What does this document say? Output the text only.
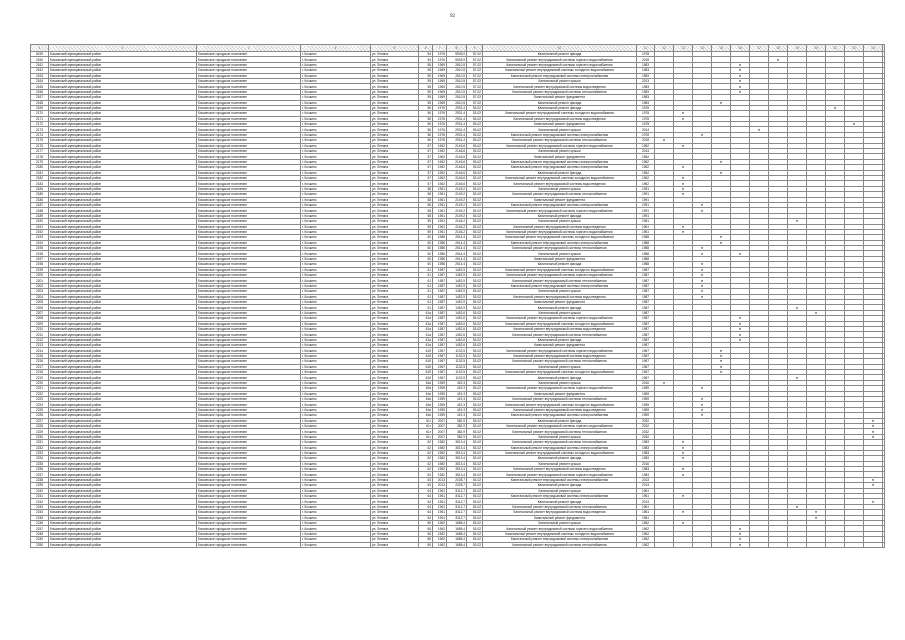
92
1	2	3	4	5	6	7	8	9	10	11	12	13	14	15	16	17	18	19	20	21	22	23	
5159	Кочкинский муниципальный район	Кочкинское городское поселение	г. Кочкино	ул. Ленина	54	1976	5905,9	57-02	Капитальный ремонт фасада	1978													
2160	Кочкинский муниципальный район	Кочкинское городское поселение	г. Кочкино	ул. Ленина	54	1976	5905,9	57-02	Капитальный ремонт внутридомовой системы горячего водоснабжения	2018							×						
2161	Кочкинский муниципальный район	Кочкинское городское поселение	г. Кочкино	ул. Ленина	55	1969	2610,5	57-02	Капитальный ремонт внутридомовой системы горячего водоснабжения	1983					×								
2162	Кочкинский муниципальный район	Кочкинское городское поселение	г. Кочкино	ул. Ленина	55	1969	2610,5	57-02	Капитальный ремонт внутридомовой системы холодного водоснабжения	1983					×								
2163	Кочкинский муниципальный район	Кочкинское городское поселение	г. Кочкино	ул. Ленина	55	1969	2610,5	57-02	Капитальный ремонт внутридомовой системы электроснабжения	1983					×								
2164	Кочкинский муниципальный район	Кочкинское городское поселение	г. Кочкино	ул. Ленина	55	1969	2610,5	57-02	Капитальный ремонт крыши	2013					×								
2165	Кочкинский муниципальный район	Кочкинское городское поселение	г. Кочкино	ул. Ленина	55	1969	2610,5	57-02	Капитальный ремонт внутридомовой системы водоотведения	1983					×								
2166	Кочкинский муниципальный район	Кочкинское городское поселение	г. Кочкино	ул. Ленина	55	1969	2610,5	57-02	Капитальный ремонт внутридомовой системы теплоснабжения	1983					×								
2167	Кочкинский муниципальный район	Кочкинское городское поселение	г. Кочкино	ул. Ленина	55	1969	2610,5	57-02	Капитальный ремонт фундамента	1983													
2168	Кочкинский муниципальный район	Кочкинское городское поселение	г. Кочкино	ул. Ленина	55	1969	2610,5	57-02	Капитальный ремонт фасада	1983				×									
2169	Кочкинский муниципальный район	Кочкинское городское поселение	г. Кочкино	ул. Ленина	56	1976	2931,4	53-02	Капитальный ремонт фасада	1978										×			
2170	Кочкинский муниципальный район	Кочкинское городское поселение	г. Кочкино	ул. Ленина	56	1976	2931,4	53-02	Капитальный ремонт внутридомовой системы холодного водоснабжения	1978		×											
2171	Кочкинский муниципальный район	Кочкинское городское поселение	г. Кочкино	ул. Ленина	56	1976	2931,4	53-02	Капитальный ремонт внутридомовой системы водоотведения	1978		×											
2172	Кочкинский муниципальный район	Кочкинское городское поселение	г. Кочкино	ул. Ленина	56	1976	2931,4	53-02	Капитальный ремонт фундамента	1978											×		
2173	Кочкинский муниципальный район	Кочкинское городское поселение	г. Кочкино	ул. Ленина	56	1976	2931,4	53-02	Капитальный ремонт крыши	2014						×							
2174	Кочкинский муниципальный район	Кочкинское городское поселение	г. Кочкино	ул. Ленина	56	1976	2931,4	53-02	Капитальный ремонт внутридомовой системы электроснабжения	1978			×										
2175	Кочкинский муниципальный район	Кочкинское городское поселение	г. Кочкино	ул. Ленина	56	1976	2931,4	53-02	Капитальный ремонт внутридомовой системы теплоснабжения	2018	×												
2176	Кочкинский муниципальный район	Кочкинское городское поселение	г. Кочкино	ул. Ленина	57	1962	2146,6	53-02	Капитальный ремонт внутридомовой системы горячего водоснабжения	1962		×											
2177	Кочкинский муниципальный район	Кочкинское городское поселение	г. Кочкино	ул. Ленина	57	1962	2146,6	53-02	Капитальный ремонт крыши	2014													
2178	Кочкинский муниципальный район	Кочкинское городское поселение	г. Кочкино	ул. Ленина	57	1962	2146,6	53-02	Капитальный ремонт фундамента	1962													
2179	Кочкинский муниципальный район	Кочкинское городское поселение	г. Кочкино	ул. Ленина	57	1962	2146,6	53-02	Капитальный ремонт внутридомовой системы электроснабжения	1962				×									
2180	Кочкинский муниципальный район	Кочкинское городское поселение	г. Кочкино	ул. Ленина	57	1962	2146,6	53-02	Капитальный ремонт внутридомовой системы электроснабжения	1962		×											
2181	Кочкинский муниципальный район	Кочкинское городское поселение	г. Кочкино	ул. Ленина	57	1962	2146,6	53-02	Капитальный ремонт фасада	1962				×									
2182	Кочкинский муниципальный район	Кочкинское городское поселение	г. Кочкино	ул. Ленина	57	1962	2146,6	53-02	Капитальный ремонт внутридомовой системы холодного водоснабжения	1962		×											
2183	Кочкинский муниципальный район	Кочкинское городское поселение	г. Кочкино	ул. Ленина	57	1962	2146,6	53-02	Капитальный ремонт внутридомовой системы водоотведения	1962		×											
2184	Кочкинский муниципальный район	Кочкинское городское поселение	г. Кочкино	ул. Ленина	58	1961	2149,2	53-02	Капитальный ремонт крыши	1991		×											
2185	Кочкинский муниципальный район	Кочкинское городское поселение	г. Кочкино	ул. Ленина	58	1961	2149,2	53-02	Капитальный ремонт внутридомовой системы теплоснабжения	1991		×											
2186	Кочкинский муниципальный район	Кочкинское городское поселение	г. Кочкино	ул. Ленина	58	1961	2149,2	53-02	Капитальный ремонт фундамента	1991													
2187	Кочкинский муниципальный район	Кочкинское городское поселение	г. Кочкино	ул. Ленина	58	1961	2149,2	53-02	Капитальный ремонт внутридомовой системы электроснабжения	1991			×										
2188	Кочкинский муниципальный район	Кочкинское городское поселение	г. Кочкино	ул. Ленина	58	1961	2149,2	53-02	Капитальный ремонт внутридомовой системы горячего водоснабжения	1991			×										
2189	Кочкинский муниципальный район	Кочкинское городское поселение	г. Кочкино	ул. Ленина	58	1961	2149,2	53-02	Капитальный ремонт фасада	1991													
2190	Кочкинский муниципальный район	Кочкинское городское поселение	г. Кочкино	ул. Ленина	59	1961	2146,2	53-02	Капитальный ремонт крыши	1961								×					
2191	Кочкинский муниципальный район	Кочкинское городское поселение	г. Кочкино	ул. Ленина	59	1961	2146,2	53-02	Капитальный ремонт внутридомовой системы водоотведения	1961		×											
2192	Кочкинский муниципальный район	Кочкинское городское поселение	г. Кочкино	ул. Ленина	59	1961	2146,2	53-02	Капитальный ремонт внутридомовой системы горячего водоснабжения	1961		×											
2193	Кочкинский муниципальный район	Кочкинское городское поселение	г. Кочкино	ул. Ленина	60	1986	2614,4	53-02	Капитальный ремонт внутридомовой системы холодного водоснабжения	1988				×									
2194	Кочкинский муниципальный район	Кочкинское городское поселение	г. Кочкино	ул. Ленина	60	1986	2614,4	53-02	Капитальный ремонт внутридомовой системы электроснабжения	1988				×									
2195	Кочкинский муниципальный район	Кочкинское городское поселение	г. Кочкино	ул. Ленина	60	1986	2614,4	53-02	Капитальный ремонт внутридомовой системы теплоснабжения	1988			×										
2196	Кочкинский муниципальный район	Кочкинское городское поселение	г. Кочкино	ул. Ленина	60	1986	2614,4	53-02	Капитальный ремонт крыши	1988			×		×								
2197	Кочкинский муниципальный район	Кочкинское городское поселение	г. Кочкино	ул. Ленина	60	1986	2614,4	53-02	Капитальный ремонт фундамента	1988													
2198	Кочкинский муниципальный район	Кочкинское городское поселение	г. Кочкино	ул. Ленина	60	1986	2614,4	53-02	Капитальный ремонт фасада	1988			×										
2199	Кочкинский муниципальный район	Кочкинское городское поселение	г. Кочкино	ул. Ленина	61	1987	1452,9	53-02	Капитальный ремонт внутридомовой системы холодного водоснабжения	1987			×										
2200	Кочкинский муниципальный район	Кочкинское городское поселение	г. Кочкино	ул. Ленина	61	1987	1452,9	53-02	Капитальный ремонт внутридомовой системы горячего водоснабжения	1987			×										
2201	Кочкинский муниципальный район	Кочкинское городское поселение	г. Кочкино	ул. Ленина	61	1987	1452,9	53-02	Капитальный ремонт внутридомовой системы теплоснабжения	1987			×										
2202	Кочкинский муниципальный район	Кочкинское городское поселение	г. Кочкино	ул. Ленина	61	1987	1452,9	53-02	Капитальный ремонт внутридомовой системы электроснабжения	1987			×										
2203	Кочкинский муниципальный район	Кочкинское городское поселение	г. Кочкино	ул. Ленина	61	1987	1452,9	53-02	Капитальный ремонт крыши	1987			×										
2204	Кочкинский муниципальный район	Кочкинское городское поселение	г. Кочкино	ул. Ленина	61	1987	1452,9	53-02	Капитальный ремонт внутридомовой системы водоотведения	1987			×										
2205	Кочкинский муниципальный район	Кочкинское городское поселение	г. Кочкино	ул. Ленина	61	1987	1452,9	53-02	Капитальный ремонт фундамента	1987													
2206	Кочкинский муниципальный район	Кочкинское городское поселение	г. Кочкино	ул. Ленина	61	1987	1452,9	53-02	Капитальный ремонт фасада	1987								×					
2207	Кочкинский муниципальный район	Кочкинское городское поселение	г. Кочкино	ул. Ленина	61а	1987	1452,6	53-02	Капитальный ремонт крыши	1987									×				
2208	Кочкинский муниципальный район	Кочкинское городское поселение	г. Кочкино	ул. Ленина	61а	1987	1452,6	53-02	Капитальный ремонт внутридомовой системы горячего водоснабжения	1987					×								
2209	Кочкинский муниципальный район	Кочкинское городское поселение	г. Кочкино	ул. Ленина	61а	1987	1452,6	53-02	Капитальный ремонт внутридомовой системы холодного водоснабжения	1987					×								
2210	Кочкинский муниципальный район	Кочкинское городское поселение	г. Кочкино	ул. Ленина	61а	1987	1452,6	53-02	Капитальный ремонт внутридомовой системы водоотведения	1987					×								
2211	Кочкинский муниципальный район	Кочкинское городское поселение	г. Кочкино	ул. Ленина	61а	1987	1452,6	53-02	Капитальный ремонт внутридомовой системы теплоснабжения	1987					×								
2212	Кочкинский муниципальный район	Кочкинское городское поселение	г. Кочкино	ул. Ленина	61а	1987	1452,6	53-02	Капитальный ремонт фасада	1987					×								
2213	Кочкинский муниципальный район	Кочкинское городское поселение	г. Кочкино	ул. Ленина	61а	1987	1452,6	53-02	Капитальный ремонт фундамента	1987													
2214	Кочкинский муниципальный район	Кочкинское городское поселение	г. Кочкино	ул. Ленина	61б	1967	1132,5	53-02	Капитальный ремонт внутридомовой системы горячего водоснабжения	1967				×									
2215	Кочкинский муниципальный район	Кочкинское городское поселение	г. Кочкино	ул. Ленина	61б	1967	1132,5	53-02	Капитальный ремонт внутридомовой системы водоотведения	1967				×									
2216	Кочкинский муниципальный район	Кочкинское городское поселение	г. Кочкино	ул. Ленина	61б	1967	1132,5	53-02	Капитальный ремонт внутридомовой системы теплоснабжения	1967				×									
2217	Кочкинский муниципальный район	Кочкинское городское поселение	г. Кочкино	ул. Ленина	61б	1967	1132,5	53-02	Капитальный ремонт крыши	1967				×									
2218	Кочкинский муниципальный район	Кочкинское городское поселение	г. Кочкино	ул. Ленина	61б	1967	1132,5	53-02	Капитальный ремонт внутридомовой системы холодного водоснабжения	1967				×									
2219	Кочкинский муниципальный район	Кочкинское городское поселение	г. Кочкино	ул. Ленина	61б	1967	1132,5	53-02	Капитальный ремонт фасада	1967								×					
2220	Кочкинский муниципальный район	Кочкинское городское поселение	г. Кочкино	ул. Ленина	61в	1959	419,3	53-02	Капитальный ремонт крыши	2016	×												
2221	Кочкинский муниципальный район	Кочкинское городское поселение	г. Кочкино	ул. Ленина	61в	1959	419,3	53-02	Капитальный ремонт внутридомовой системы горячего водоснабжения	1959			×										
2222	Кочкинский муниципальный район	Кочкинское городское поселение	г. Кочкино	ул. Ленина	61в	1959	419,3	53-02	Капитальный ремонт фундамента	1959													
2223	Кочкинский муниципальный район	Кочкинское городское поселение	г. Кочкино	ул. Ленина	61в	1959	419,3	53-02	Капитальный ремонт внутридомовой системы теплоснабжения	1959			×										
2224	Кочкинский муниципальный район	Кочкинское городское поселение	г. Кочкино	ул. Ленина	61в	1959	419,3	53-02	Капитальный ремонт внутридомовой системы холодного водоснабжения	1959			×										
2225	Кочкинский муниципальный район	Кочкинское городское поселение	г. Кочкино	ул. Ленина	61в	1959	419,3	53-02	Капитальный ремонт внутридомовой системы водоотведения	1959			×										
2226	Кочкинский муниципальный район	Кочкинское городское поселение	г. Кочкино	ул. Ленина	61в	1959	419,3	53-02	Капитальный ремонт внутридомовой системы электроснабжения	1959			×										
2227	Кочкинский муниципальный район	Кочкинское городское поселение	г. Кочкино	ул. Ленина	61г	2007	382,9	53-02	Капитальный ремонт фасада	2032												×	
2228	Кочкинский муниципальный район	Кочкинское городское поселение	г. Кочкино	ул. Ленина	61г	2007	382,9	53-02	Капитальный ремонт внутридомовой системы горячего водоснабжения	2032												×	
2229	Кочкинский муниципальный район	Кочкинское городское поселение	г. Кочкино	ул. Ленина	61г	2007	382,9	53-02	Капитальный ремонт внутридомовой системы теплоснабжения	2032												×	
2230	Кочкинский муниципальный район	Кочкинское городское поселение	г. Кочкино	ул. Ленина	61г	2007	382,9	53-02	Капитальный ремонт крыши	2032												×	
2231	Кочкинский муниципальный район	Кочкинское городское поселение	г. Кочкино	ул. Ленина	62	1982	3513,4	53-02	Капитальный ремонт внутридомовой системы теплоснабжения	1983		×											
2232	Кочкинский муниципальный район	Кочкинское городское поселение	г. Кочкино	ул. Ленина	62	1982	3513,4	53-02	Капитальный ремонт внутридомовой системы электроснабжения	1983		×											
2233	Кочкинский муниципальный район	Кочкинское городское поселение	г. Кочкино	ул. Ленина	62	1982	3513,4	53-02	Капитальный ремонт внутридомовой системы холодного водоснабжения	1983		×											
2234	Кочкинский муниципальный район	Кочкинское городское поселение	г. Кочкино	ул. Ленина	62	1982	3513,4	53-02	Капитальный ремонт фасада	1983		×											
2235	Кочкинский муниципальный район	Кочкинское городское поселение	г. Кочкино	ул. Ленина	62	1982	3513,4	53-02	Капитальный ремонт крыши	2016													
2236	Кочкинский муниципальный район	Кочкинское городское поселение	г. Кочкино	ул. Ленина	62	1982	3513,4	53-02	Капитальный ремонт внутридомовой системы водоотведения	1983		×											
2237	Кочкинский муниципальный район	Кочкинское городское поселение	г. Кочкино	ул. Ленина	62	1982	3513,4	53-02	Капитальный ремонт внутридомовой системы горячего водоснабжения	1983		×											
2238	Кочкинский муниципальный район	Кочкинское городское поселение	г. Кочкино	ул. Ленина	63	2013	2028,7	53-02	Капитальный ремонт внутридомовой системы электроснабжения	2013												×	
2239	Кочкинский муниципальный район	Кочкинское городское поселение	г. Кочкино	ул. Ленина	63	2013	2028,7	53-02	Капитальный ремонт фасада	2013												×	
2240	Кочкинский муниципальный район	Кочкинское городское поселение	г. Кочкино	ул. Ленина	64	1961	8112,7	53-02	Капитальный ремонт крыши	1961													
2241	Кочкинский муниципальный район	Кочкинское городское поселение	г. Кочкино	ул. Ленина	64	1961	8112,7	53-02	Капитальный ремонт внутридомовой системы электроснабжения	1961		×											
2242	Кочкинский муниципальный район	Кочкинское городское поселение	г. Кочкино	ул. Ленина	64	1961	8112,7	53-02	Капитальный ремонт фасада	2013												×	
2243	Кочкинский муниципальный район	Кочкинское городское поселение	г. Кочкино	ул. Ленина	64	1961	8112,7	53-02	Капитальный ремонт внутридомовой системы теплоснабжения	1961								×					
2244	Кочкинский муниципальный район	Кочкинское городское поселение	г. Кочкино	ул. Ленина	64	1961	8112,7	53-02	Капитальный ремонт внутридомовой системы водоотведения	1961		×							×				
2245	Кочкинский муниципальный район	Кочкинское городское поселение	г. Кочкино	ул. Ленина	64	1961	8112,7	53-02	Капитальный ремонт фундамента	1961									×				
2246	Кочкинский муниципальный район	Кочкинское городское поселение	г. Кочкино	ул. Ленина	65	1962	1688,4	53-02	Капитальный ремонт крыши	1962		×											
2247	Кочкинский муниципальный район	Кочкинское городское поселение	г. Кочкино	ул. Ленина	65	1962	1688,4	53-02	Капитальный ремонт внутридомовой системы горячего водоснабжения	1962					×								
2248	Кочкинский муниципальный район	Кочкинское городское поселение	г. Кочкино	ул. Ленина	65	1962	1688,4	53-02	Капитальный ремонт внутридомовой системы холодного водоснабжения	1962					×								
2249	Кочкинский муниципальный район	Кочкинское городское поселение	г. Кочкино	ул. Ленина	65	1962	1688,4	53-02	Капитальный ремонт внутридомовой системы электроснабжения	1962					×								
2250	Кочкинский муниципальный район	Кочкинское городское поселение	г. Кочкино	ул. Ленина	65	1962	1688,4	53-02	Капитальный ремонт внутридомовой системы теплоснабжения	1962					×								
